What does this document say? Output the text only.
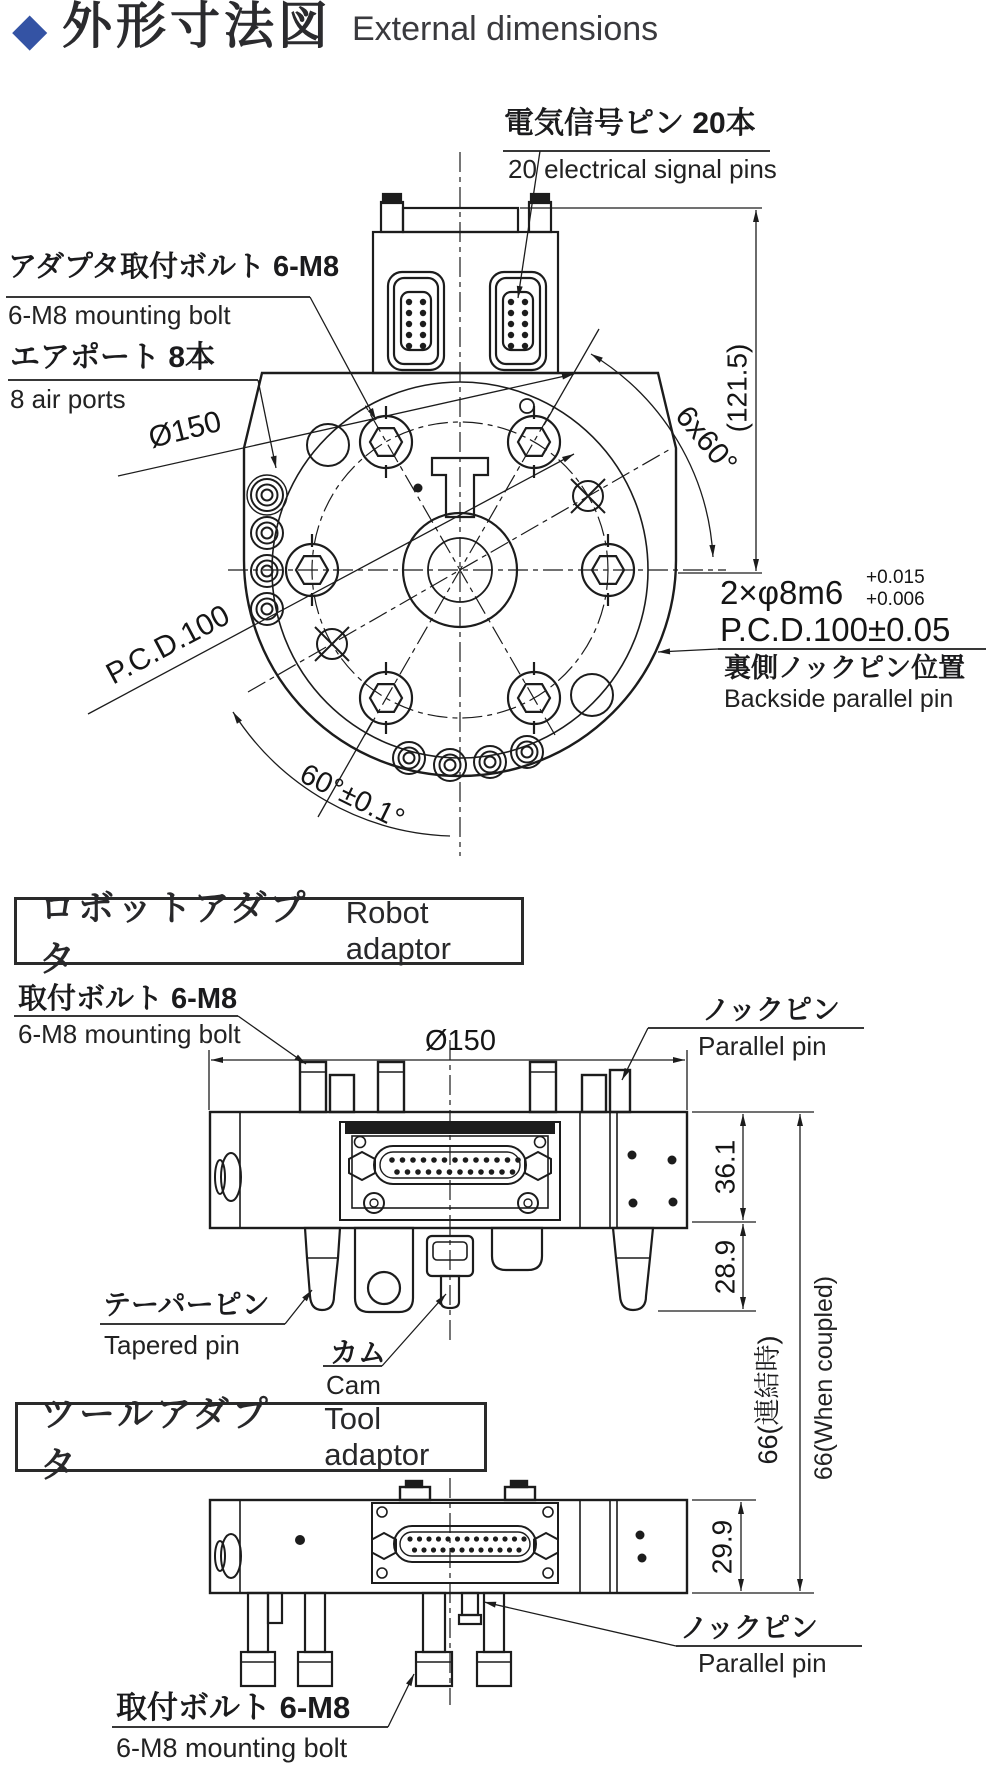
◆ 外形寸法図 External dimensions
電気信号ピン 20本
20 electrical signal pins
アダプタ取付ボルト 6-M8
6-M8 mounting bolt
エアポート 8本
8 air ports
Ø150
P.C.D.100
6x60°
(121.5)
2×φ8m6 +0.015
+0.006
P.C.D.100±0.05
裏側ノックピン位置
Backside parallel pin
60°±0.1°
ロボットアダプタ
Robot adaptor
取付ボルト 6-M8
6-M8 mounting bolt	Ø150
ノックピン
Parallel pin
36.1
28.9
テーパーピン
Tapered pin	カム
Cam
ツールアダプタ
Tool adaptor
29.9
66(連結時) 66(When coupled)
ノックピン
Parallel pin
取付ボルト 6-M8
6-M8 mounting bolt
